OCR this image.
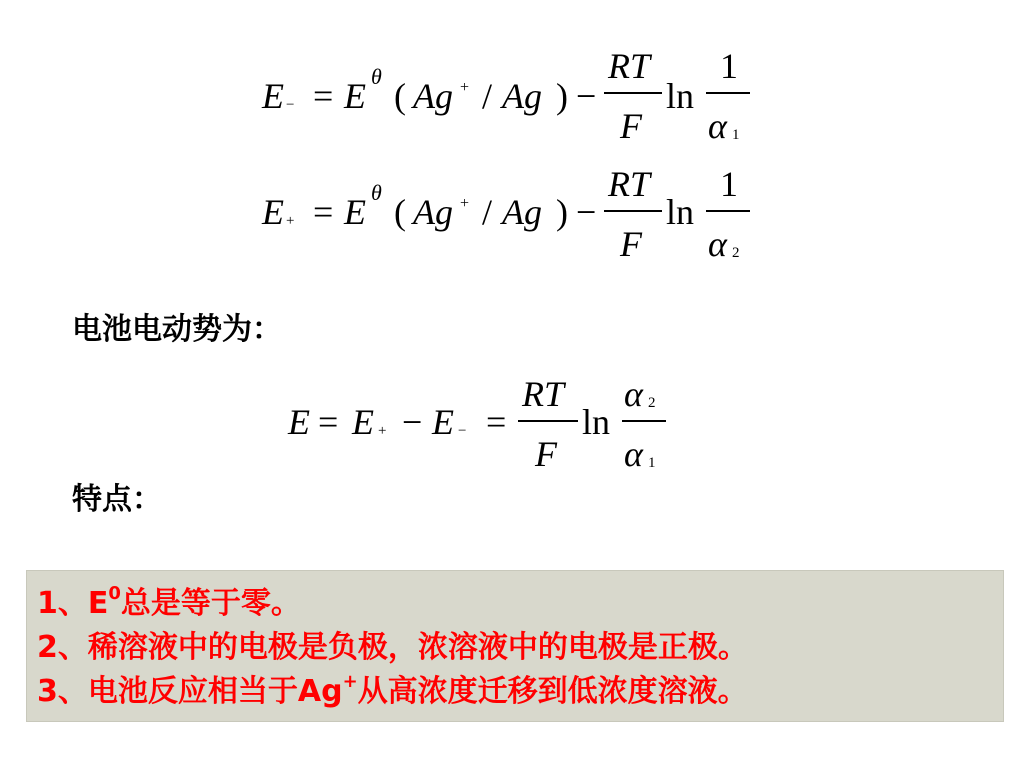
E − = E θ ( Ag + / Ag ) −
RT
F
ln
1
α 1
E + = E θ ( Ag + / Ag ) −
RT
F
ln
1
α 2
电池电动势为：
E = E + − E − =
RT
F
ln
α 2
α 1
特点：
1、$E^0$总是等于零。
2、稀溶液中的电极是负极，浓溶液中的电极是正极。
3、电池反应相当于Ag+从高浓度迁移到低浓度溶液。
